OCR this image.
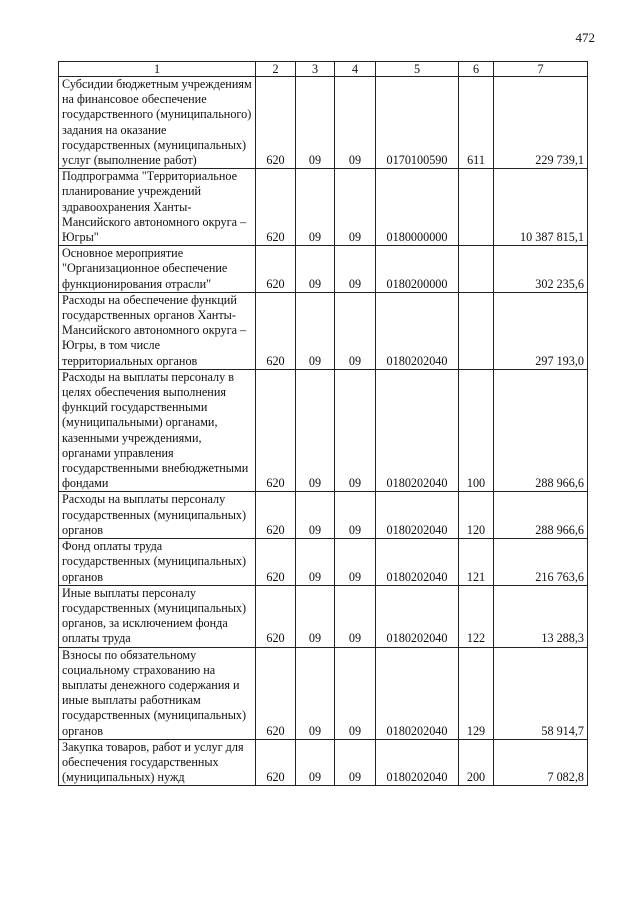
472
1	2	3	4	5	6	7
Субсидии бюджетным учреждениям на финансовое обеспечение государственного (муниципального) задания на оказание государственных (муниципальных) услуг (выполнение работ)	620	09	09	0170100590	611	229 739,1
Подпрограмма "Территориальное планирование учреждений здравоохранения Ханты-Мансийского автономного округа – Югры"	620	09	09	0180000000		10 387 815,1
Основное мероприятие "Организационное обеспечение функционирования отрасли"	620	09	09	0180200000		302 235,6
Расходы на обеспечение функций государственных органов Ханты-Мансийского автономного округа – Югры, в том числе территориальных органов	620	09	09	0180202040		297 193,0
Расходы на выплаты персоналу в целях обеспечения выполнения функций государственными (муниципальными) органами, казенными учреждениями, органами управления государственными внебюджетными фондами	620	09	09	0180202040	100	288 966,6
Расходы на выплаты персоналу государственных (муниципальных) органов	620	09	09	0180202040	120	288 966,6
Фонд оплаты труда государственных (муниципальных) органов	620	09	09	0180202040	121	216 763,6
Иные выплаты персоналу государственных (муниципальных) органов, за исключением фонда оплаты труда	620	09	09	0180202040	122	13 288,3
Взносы по обязательному социальному страхованию на выплаты денежного содержания и иные выплаты работникам государственных (муниципальных) органов	620	09	09	0180202040	129	58 914,7
Закупка товаров, работ и услуг для обеспечения государственных (муниципальных) нужд	620	09	09	0180202040	200	7 082,8
